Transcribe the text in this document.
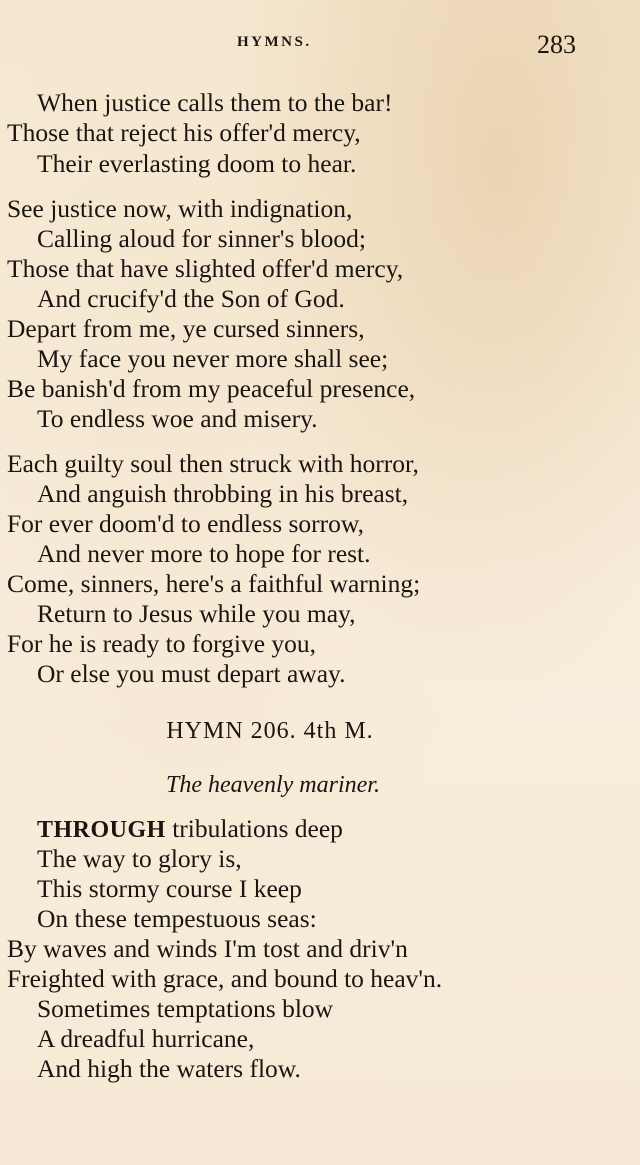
HYMNS.	283
When justice calls them to the bar!
Those that reject his offer'd mercy,
Their everlasting doom to hear.
See justice now, with indignation,
Calling aloud for sinner's blood;
Those that have slighted offer'd mercy,
And crucify'd the Son of God.
Depart from me, ye cursed sinners,
My face you never more shall see;
Be banish'd from my peaceful presence,
To endless woe and misery.
Each guilty soul then struck with horror,
And anguish throbbing in his breast,
For ever doom'd to endless sorrow,
And never more to hope for rest.
Come, sinners, here's a faithful warning;
Return to Jesus while you may,
For he is ready to forgive you,
Or else you must depart away.
HYMN 206. 4th M.
The heavenly mariner.
THROUGH tribulations deep
The way to glory is,
This stormy course I keep
On these tempestuous seas:
By waves and winds I'm tost and driv'n
Freighted with grace, and bound to heav'n.
Sometimes temptations blow
A dreadful hurricane,
And high the waters flow.
